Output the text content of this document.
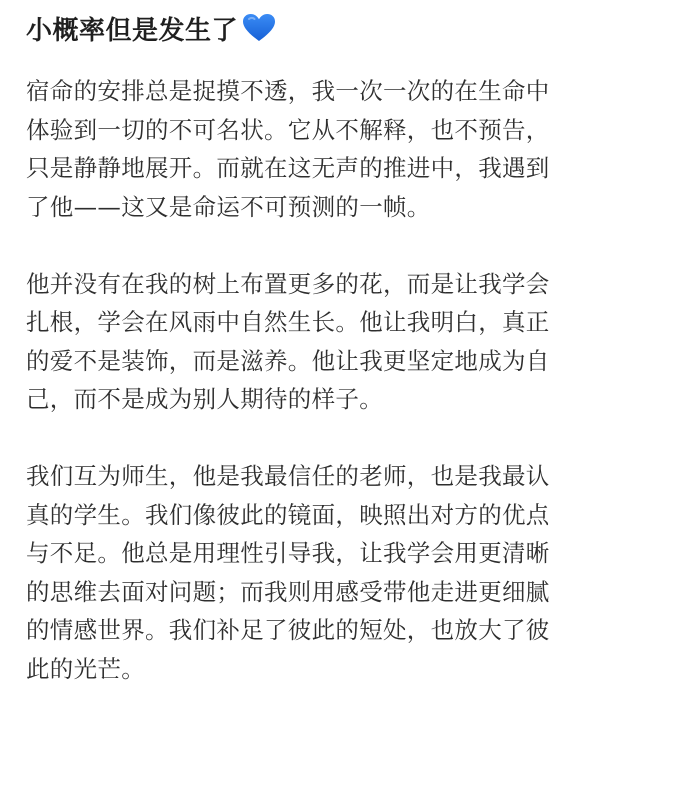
小概率但是发生了

宿命的安排总是捉摸不透，我一次一次的在生命中
体验到一切的不可名状。它从不解释，也不预告，
只是静静地展开。而就在这无声的推进中，我遇到
了他——这又是命运不可预测的一帧。

他并没有在我的树上布置更多的花，而是让我学会
扎根，学会在风雨中自然生长。他让我明白，真正
的爱不是装饰，而是滋养。他让我更坚定地成为自
己，而不是成为别人期待的样子。

我们互为师生，他是我最信任的老师，也是我最认
真的学生。我们像彼此的镜面，映照出对方的优点
与不足。他总是用理性引导我，让我学会用更清晰
的思维去面对问题；而我则用感受带他走进更细腻
的情感世界。我们补足了彼此的短处，也放大了彼
此的光芒。
